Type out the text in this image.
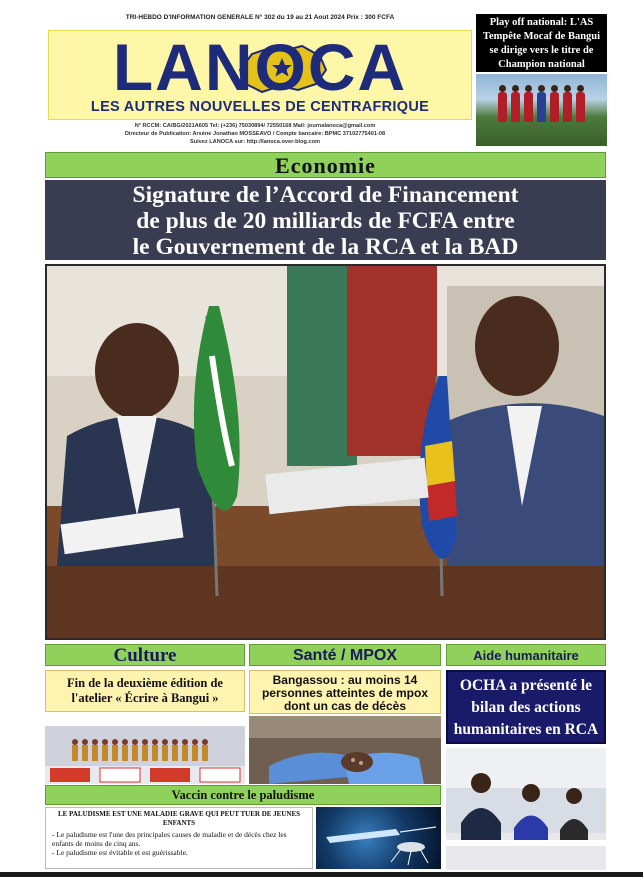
TRI-HEBDO D'INFORMATION GENERALE N° 302 du 19 au 21 Aout 2024 Prix : 300 FCFA
LANOCA
LES AUTRES NOUVELLES DE CENTRAFRIQUE
N° RCCM: CA/BG/2021A605 Tel: (+236) 75030894/ 72550168 Mail: journalanoca@gmail.com
Directeur de Publication: Arsène Jonathan MOSSEAVO / Compte bancaire: BPMC 37102775401-08
Suivez LANOCA sur: http://lanoca.over-blog.com
Play off national: L'AS Tempête Mocaf de Bangui se dirige vers le titre de Champion national
Economie
Signature de l’Accord de Financement
de plus de 20 milliards de FCFA entre
le Gouvernement de la RCA et la BAD
Culture	Santé / MPOX	Aide humanitaire
Fin de la deuxième édition de l'atelier « Écrire à Bangui »
Bangassou : au moins 14 personnes atteintes de mpox dont un cas de décès
OCHA a présenté le bilan des actions humanitaires en RCA
Vaccin contre le paludisme
LE PALUDISME EST UNE MALADIE GRAVE QUI PEUT TUER DE JEUNES ENFANTS
- Le paludisme est l'une des principales causes de maladie et de décès chez les enfants de moins de cinq ans.
- Le paludisme est évitable et est guérissable.
